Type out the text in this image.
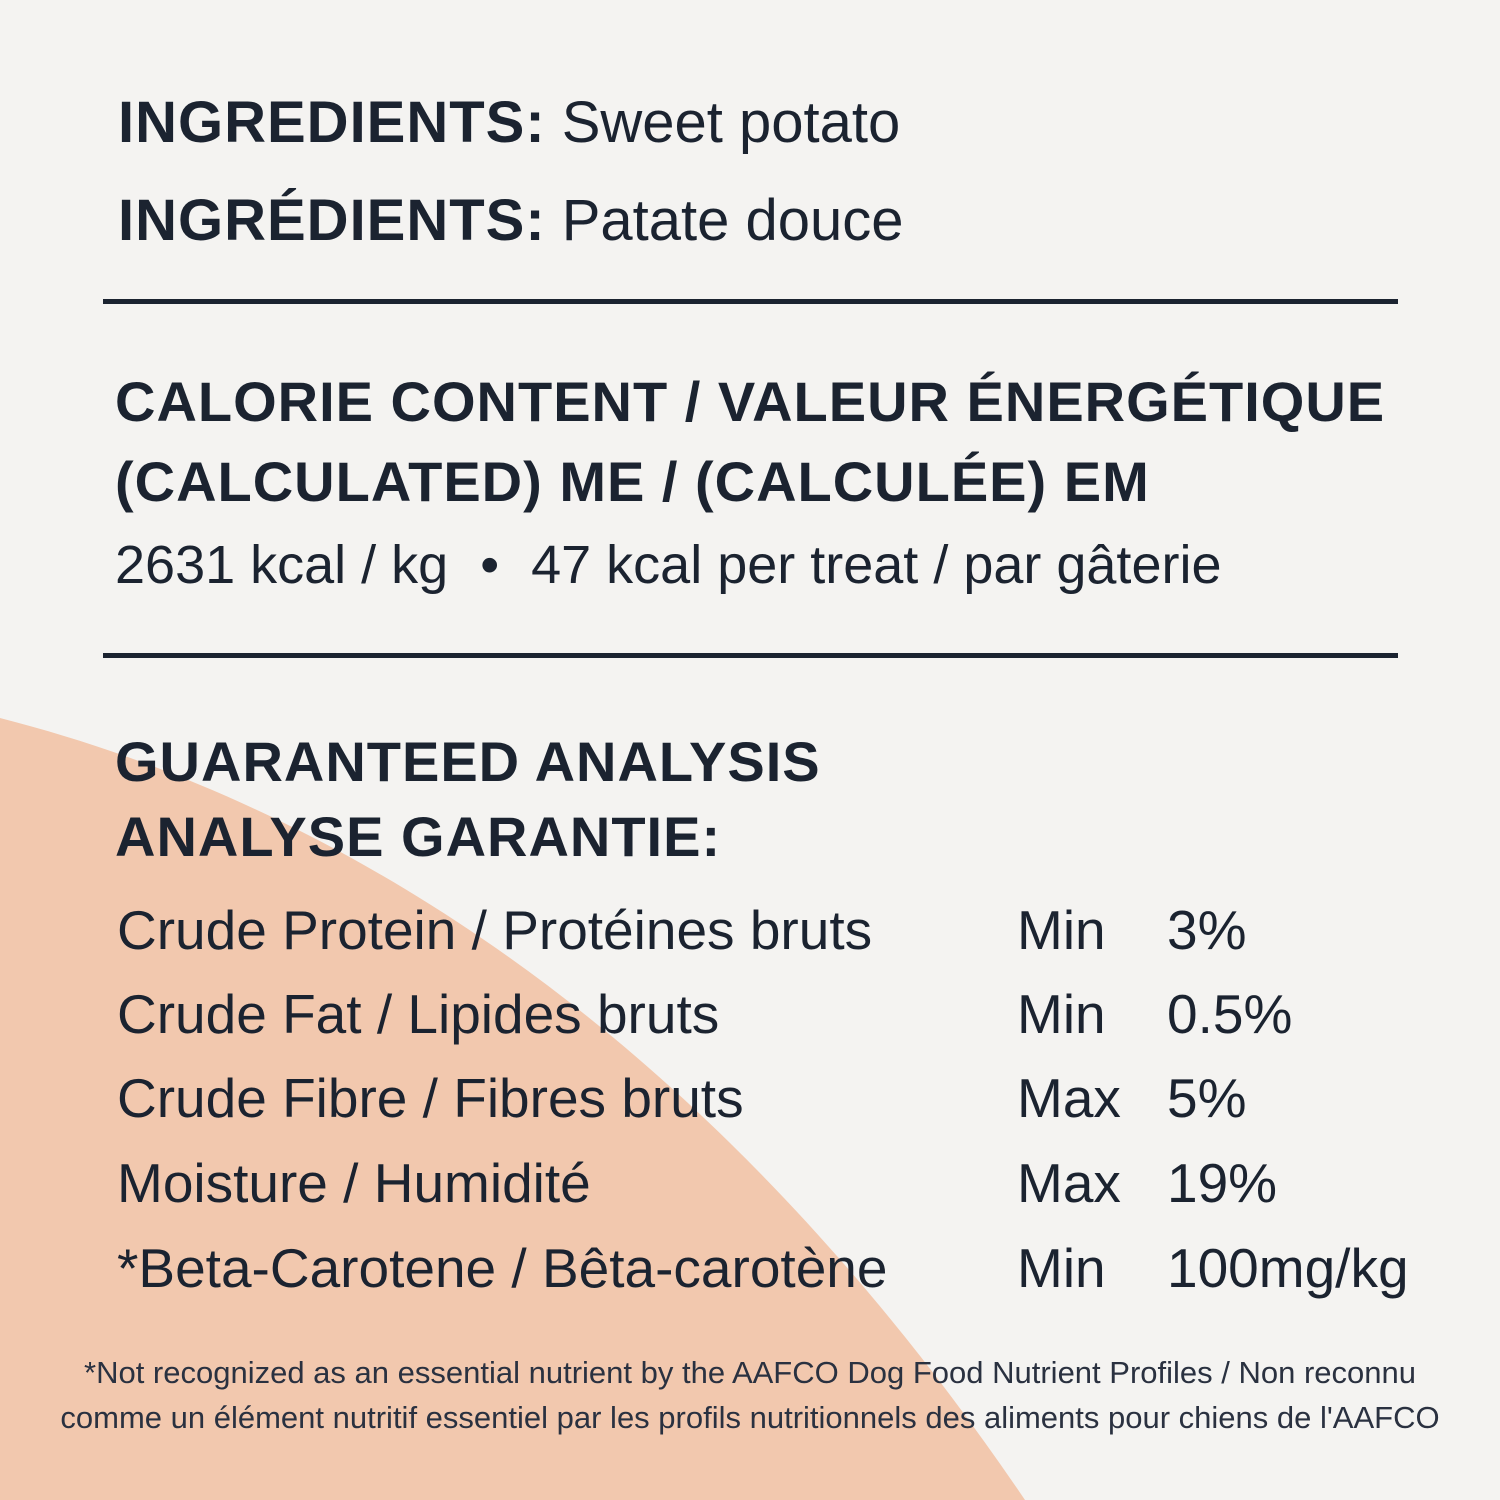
INGREDIENTS: Sweet potato
INGRÉDIENTS: Patate douce
CALORIE CONTENT / VALEUR ÉNERGÉTIQUE
(CALCULATED) ME / (CALCULÉE) EM
2631 kcal / kg • 47 kcal per treat / par gâterie
GUARANTEED ANALYSIS
ANALYSE GARANTIE:
Crude Protein / Protéines bruts	Min 3%
Crude Fat / Lipides bruts	Min 0.5%
Crude Fibre / Fibres bruts	Max 5%
Moisture / Humidité	Max 19%
*Beta-Carotene / Bêta-carotène Min 100mg/kg
*Not recognized as an essential nutrient by the AAFCO Dog Food Nutrient Profiles / Non reconnu
comme un élément nutritif essentiel par les profils nutritionnels des aliments pour chiens de l'AAFCO
